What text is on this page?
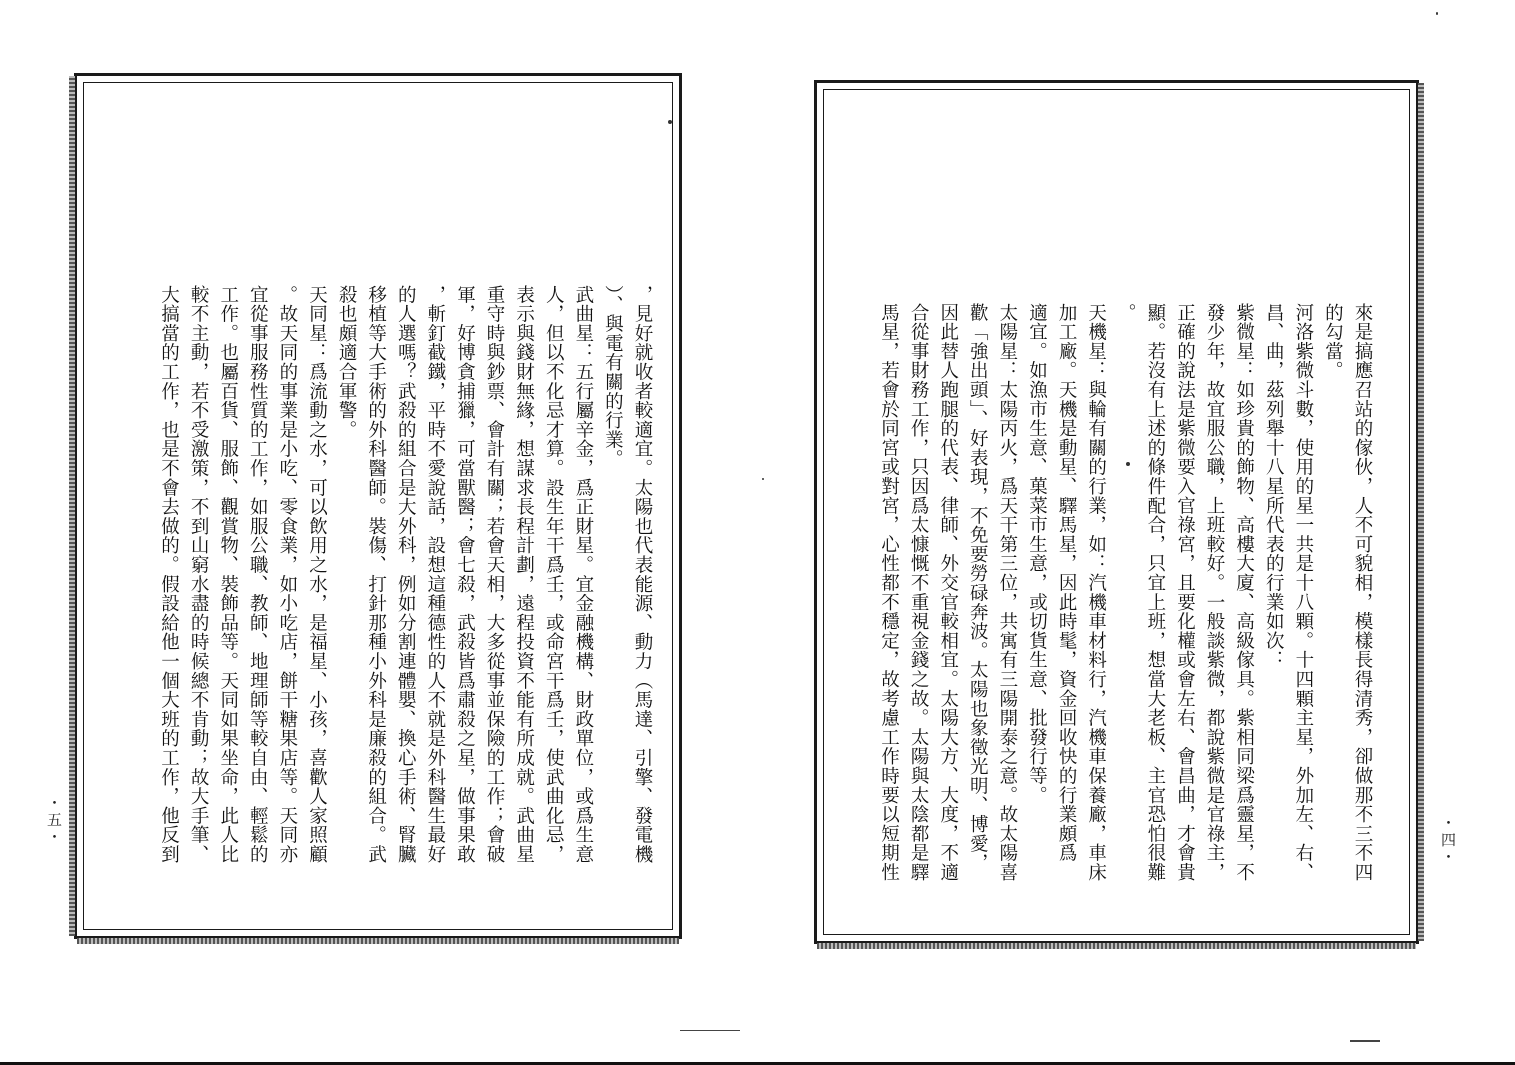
，見好就收者較適宜。太陽也代表能源、動力（馬達、引擎、發電機

）、與電有關的行業。

武曲星：五行屬辛金，爲正財星。宜金融機構、財政單位，或爲生意

人，但以不化忌才算。設生年干爲壬，或命宮干爲壬，使武曲化忌，

表示與錢財無緣，想謀求長程計劃，遠程投資不能有所成就。武曲星

重守時與鈔票、會計有關；若會天相，大多從事並保險的工作；會破

軍，好博貪捕獵，可當獸醫；會七殺，武殺皆爲肅殺之星，做事果敢

，斬釘截鐵，平時不愛說話，設想這種德性的人不就是外科醫生最好

的人選嗎？武殺的組合是大外科，例如分割連體嬰、換心手術、腎臟

移植等大手術的外科醫師。裝傷、打針那種小外科是廉殺的組合。武

殺也頗適合軍警。

天同星：爲流動之水，可以飲用之水，是福星、小孩，喜歡人家照顧

。故天同的事業是小吃、零食業，如小吃店，餅干糖果店等。天同亦

宜從事服務性質的工作，如服公職、教師、地理師等較自由、輕鬆的

工作。也屬百貨、服飾、觀賞物、裝飾品等。天同如果坐命，此人比

較不主動，若不受激策，不到山窮水盡的時候總不肯動；故大手筆、

大搞當的工作，也是不會去做的。假設給他一個大班的工作，他反到

・五・	來是搞應召站的傢伙，人不可貌相，模樣長得清秀，卻做那不三不四

的勾當。

河洛紫微斗數，使用的星一共是十八顆。十四顆主星，外加左、右、

昌、曲，茲列舉十八星所代表的行業如次：

紫微星：如珍貴的飾物、高樓大廈、高級傢具。紫相同梁爲靈星，不

發少年，故宜服公職，上班較好。一般談紫微，都說紫微是官祿主，

正確的說法是紫微要入官祿宮，且要化權或會左右、會昌曲，才會貴

顯。若沒有上述的條件配合，只宜上班，想當大老板、主官恐怕很難

。

天機星：與輪有關的行業，如：汽機車材料行，汽機車保養廠，車床

加工廠。天機是動星、驛馬星，因此時髦，資金回收快的行業頗爲

適宜。如漁市生意、菓菜市生意，或切貨生意、批發行等。

太陽星：太陽丙火，爲天干第三位，共寓有三陽開泰之意。故太陽喜

歡「強出頭」、好表現，不免要勞碌奔波。太陽也象徵光明、博愛，

因此替人跑腿的代表、律師、外交官較相宜。太陽大方、大度，不適

合從事財務工作，只因爲太慷慨不重視金錢之故。太陽與太陰都是驛

馬星，若會於同宮或對宮，心性都不穩定，故考慮工作時要以短期性	・四・
